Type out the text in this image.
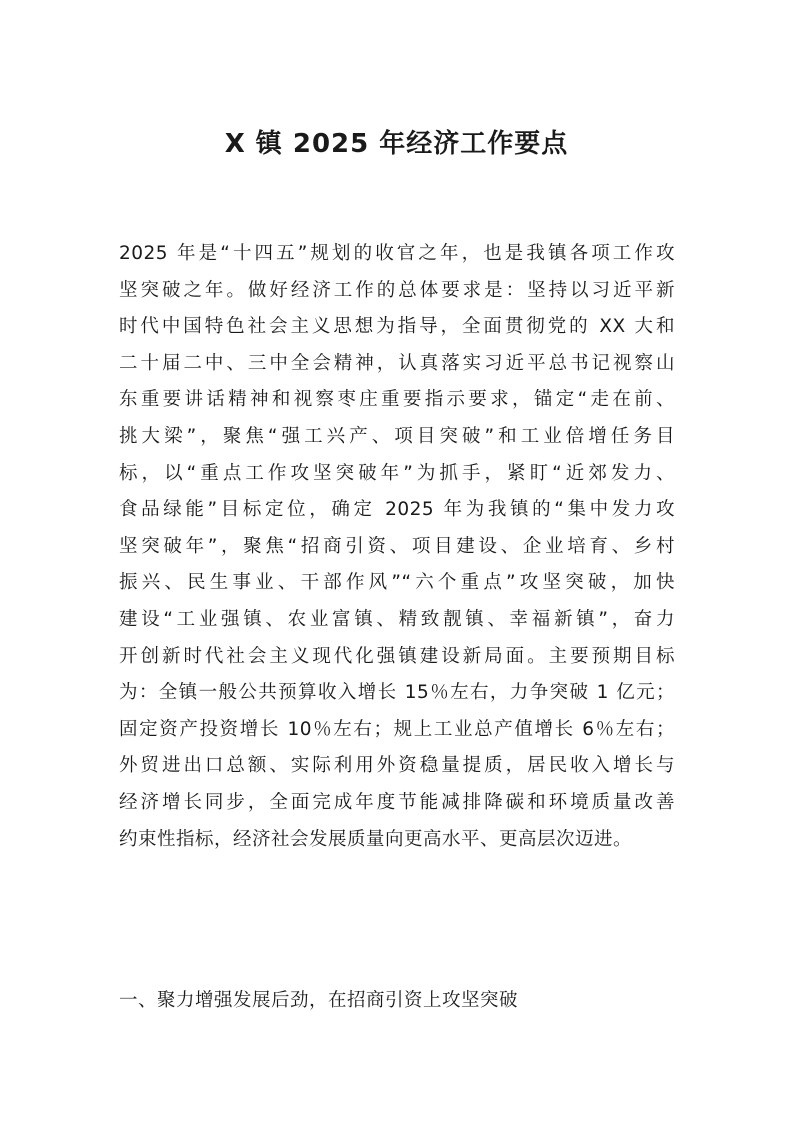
X 镇 2025 年经济工作要点
2025 年是“十四五”规划的收官之年，也是我镇各项工作攻
坚突破之年。做好经济工作的总体要求是：坚持以习近平新
时代中国特色社会主义思想为指导，全面贯彻党的 XX 大和
二十届二中、三中全会精神，认真落实习近平总书记视察山
东重要讲话精神和视察枣庄重要指示要求，锚定“走在前、
挑大梁”，聚焦“强工兴产、项目突破”和工业倍增任务目
标，以“重点工作攻坚突破年”为抓手，紧盯“近郊发力、
食品绿能”目标定位，确定 2025 年为我镇的“集中发力攻
坚突破年”，聚焦“招商引资、项目建设、企业培育、乡村
振兴、民生事业、干部作风”“六个重点”攻坚突破，加快
建设“工业强镇、农业富镇、精致靓镇、幸福新镇”，奋力
开创新时代社会主义现代化强镇建设新局面。主要预期目标
为：全镇一般公共预算收入增长 15％左右，力争突破 1 亿元；
固定资产投资增长 10％左右；规上工业总产值增长 6％左右；
外贸进出口总额、实际利用外资稳量提质，居民收入增长与
经济增长同步，全面完成年度节能减排降碳和环境质量改善
约束性指标，经济社会发展质量向更高水平、更高层次迈进。
一、聚力增强发展后劲，在招商引资上攻坚突破
